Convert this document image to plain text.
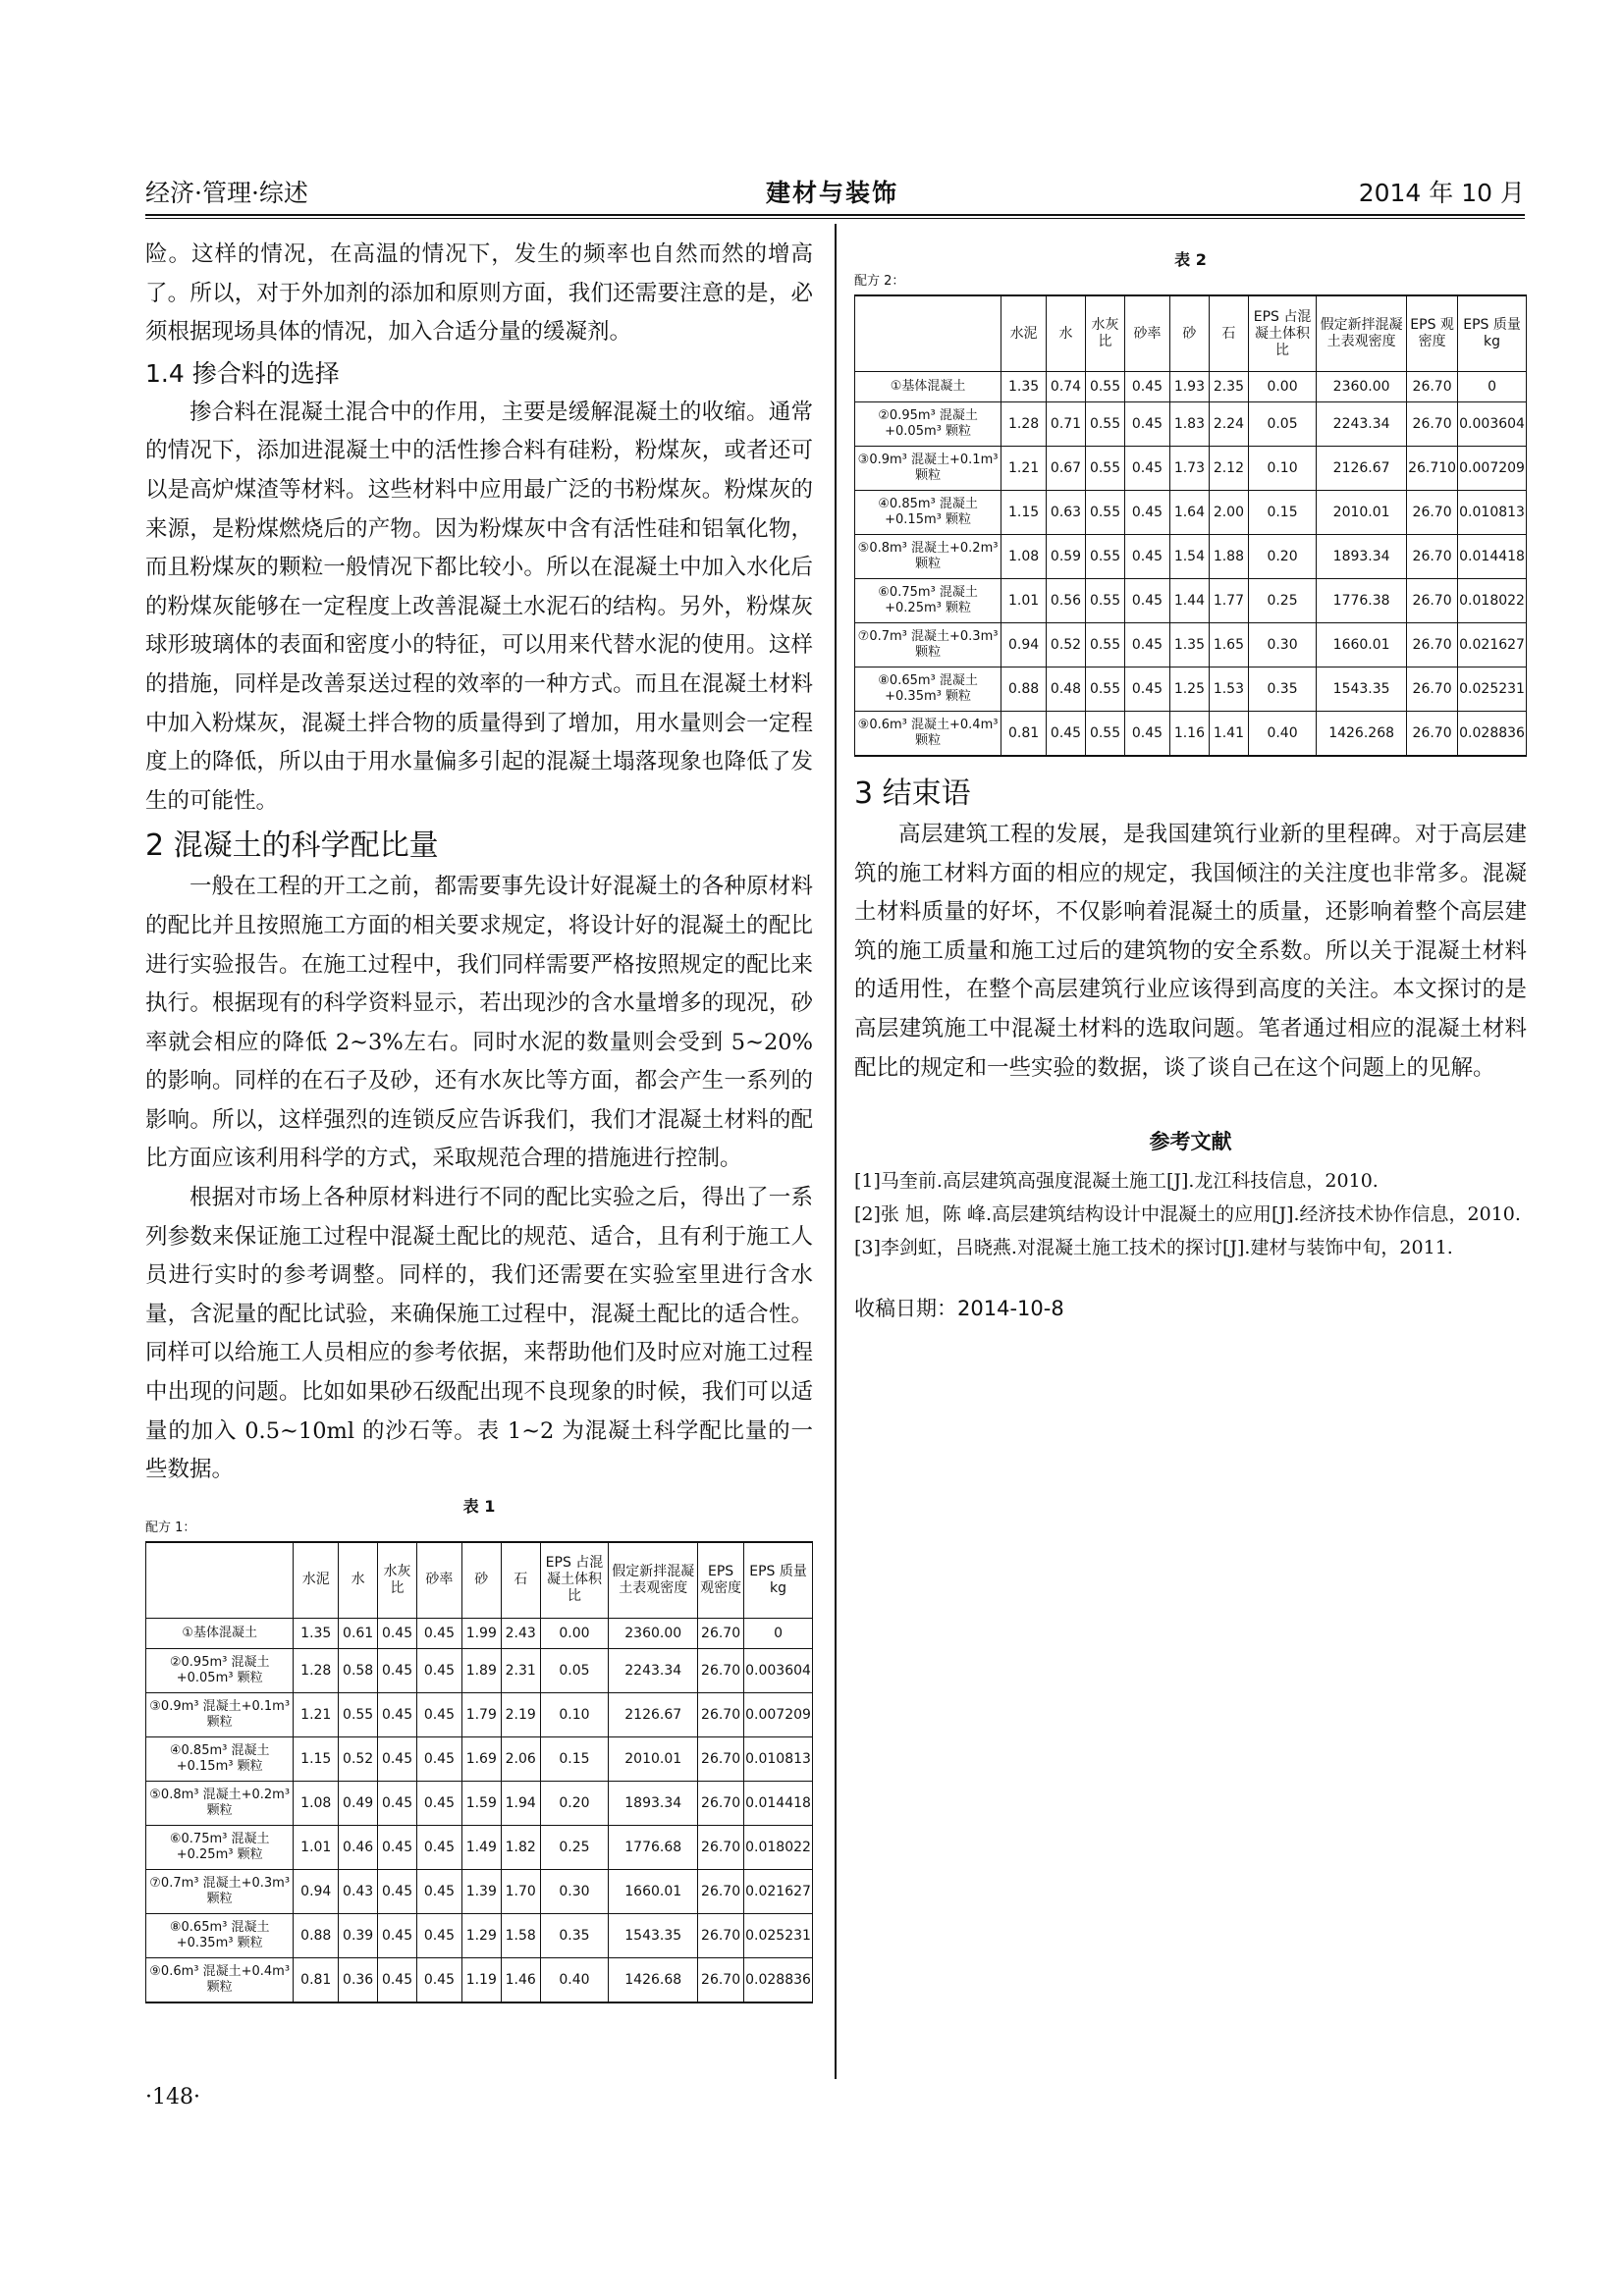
经济·管理·综述	建材与装饰	2014 年 10 月

险。这样的情况，在高温的情况下，发生的频率也自然而然的增高了。所以，对于外加剂的添加和原则方面，我们还需要注意的是，必须根据现场具体的情况，加入合适分量的缓凝剂。

1.4 掺合料的选择

掺合料在混凝土混合中的作用，主要是缓解混凝土的收缩。通常的情况下，添加进混凝土中的活性掺合料有硅粉，粉煤灰，或者还可以是高炉煤渣等材料。这些材料中应用最广泛的书粉煤灰。粉煤灰的来源，是粉煤燃烧后的产物。因为粉煤灰中含有活性硅和铝氧化物，而且粉煤灰的颗粒一般情况下都比较小。所以在混凝土中加入水化后的粉煤灰能够在一定程度上改善混凝土水泥石的结构。另外，粉煤灰球形玻璃体的表面和密度小的特征，可以用来代替水泥的使用。这样的措施，同样是改善泵送过程的效率的一种方式。而且在混凝土材料中加入粉煤灰，混凝土拌合物的质量得到了增加，用水量则会一定程度上的降低，所以由于用水量偏多引起的混凝土塌落现象也降低了发生的可能性。

2 混凝土的科学配比量

一般在工程的开工之前，都需要事先设计好混凝土的各种原材料的配比并且按照施工方面的相关要求规定，将设计好的混凝土的配比进行实验报告。在施工过程中，我们同样需要严格按照规定的配比来执行。根据现有的科学资料显示，若出现沙的含水量增多的现况，砂率就会相应的降低 2~3%左右。同时水泥的数量则会受到 5~20%的影响。同样的在石子及砂，还有水灰比等方面，都会产生一系列的影响。所以，这样强烈的连锁反应告诉我们，我们才混凝土材料的配比方面应该利用科学的方式，采取规范合理的措施进行控制。

根据对市场上各种原材料进行不同的配比实验之后，得出了一系列参数来保证施工过程中混凝土配比的规范、适合，且有利于施工人员进行实时的参考调整。同样的，我们还需要在实验室里进行含水量，含泥量的配比试验，来确保施工过程中，混凝土配比的适合性。同样可以给施工人员相应的参考依据，来帮助他们及时应对施工过程中出现的问题。比如如果砂石级配出现不良现象的时候，我们可以适量的加入 0.5~10ml 的沙石等。表 1~2 为混凝土科学配比量的一些数据。

表 1
配方 1：
	水泥	水	水灰比	砂率	砂	石	EPS 占混凝土体积比	假定新拌混凝土表观密度	EPS 观密度	EPS 质量 kg
①基体混凝土	1.35	0.61	0.45	0.45	1.99	2.43	0.00	2360.00	26.70	0
②0.95m³ 混凝土+0.05m³ 颗粒	1.28	0.58	0.45	0.45	1.89	2.31	0.05	2243.34	26.70	0.003604
③0.9m³ 混凝土+0.1m³ 颗粒	1.21	0.55	0.45	0.45	1.79	2.19	0.10	2126.67	26.70	0.007209
④0.85m³ 混凝土+0.15m³ 颗粒	1.15	0.52	0.45	0.45	1.69	2.06	0.15	2010.01	26.70	0.010813
⑤0.8m³ 混凝土+0.2m³ 颗粒	1.08	0.49	0.45	0.45	1.59	1.94	0.20	1893.34	26.70	0.014418
⑥0.75m³ 混凝土+0.25m³ 颗粒	1.01	0.46	0.45	0.45	1.49	1.82	0.25	1776.68	26.70	0.018022
⑦0.7m³ 混凝土+0.3m³ 颗粒	0.94	0.43	0.45	0.45	1.39	1.70	0.30	1660.01	26.70	0.021627
⑧0.65m³ 混凝土+0.35m³ 颗粒	0.88	0.39	0.45	0.45	1.29	1.58	0.35	1543.35	26.70	0.025231
⑨0.6m³ 混凝土+0.4m³ 颗粒	0.81	0.36	0.45	0.45	1.19	1.46	0.40	1426.68	26.70	0.028836
表 2
配方 2：
	水泥	水	水灰比	砂率	砂	石	EPS 占混凝土体积比	假定新拌混凝土表观密度	EPS 观密度	EPS 质量 kg
①基体混凝土	1.35	0.74	0.55	0.45	1.93	2.35	0.00	2360.00	26.70	0
②0.95m³ 混凝土+0.05m³ 颗粒	1.28	0.71	0.55	0.45	1.83	2.24	0.05	2243.34	26.70	0.003604
③0.9m³ 混凝土+0.1m³ 颗粒	1.21	0.67	0.55	0.45	1.73	2.12	0.10	2126.67	26.710	0.007209
④0.85m³ 混凝土+0.15m³ 颗粒	1.15	0.63	0.55	0.45	1.64	2.00	0.15	2010.01	26.70	0.010813
⑤0.8m³ 混凝土+0.2m³ 颗粒	1.08	0.59	0.55	0.45	1.54	1.88	0.20	1893.34	26.70	0.014418
⑥0.75m³ 混凝土+0.25m³ 颗粒	1.01	0.56	0.55	0.45	1.44	1.77	0.25	1776.38	26.70	0.018022
⑦0.7m³ 混凝土+0.3m³ 颗粒	0.94	0.52	0.55	0.45	1.35	1.65	0.30	1660.01	26.70	0.021627
⑧0.65m³ 混凝土+0.35m³ 颗粒	0.88	0.48	0.55	0.45	1.25	1.53	0.35	1543.35	26.70	0.025231
⑨0.6m³ 混凝土+0.4m³ 颗粒	0.81	0.45	0.55	0.45	1.16	1.41	0.40	1426.268	26.70	0.028836
3 结束语

高层建筑工程的发展，是我国建筑行业新的里程碑。对于高层建筑的施工材料方面的相应的规定，我国倾注的关注度也非常多。混凝土材料质量的好坏，不仅影响着混凝土的质量，还影响着整个高层建筑的施工质量和施工过后的建筑物的安全系数。所以关于混凝土材料的适用性，在整个高层建筑行业应该得到高度的关注。本文探讨的是高层建筑施工中混凝土材料的选取问题。笔者通过相应的混凝土材料配比的规定和一些实验的数据，谈了谈自己在这个问题上的见解。

参考文献

[1]马奎前.高层建筑高强度混凝土施工[J].龙江科技信息，2010.

[2]张 旭，陈 峰.高层建筑结构设计中混凝土的应用[J].经济技术协作信息，2010.

[3]李剑虹，吕晓燕.对混凝土施工技术的探讨[J].建材与装饰中旬，2011.

收稿日期：2014-10-8

·148·
